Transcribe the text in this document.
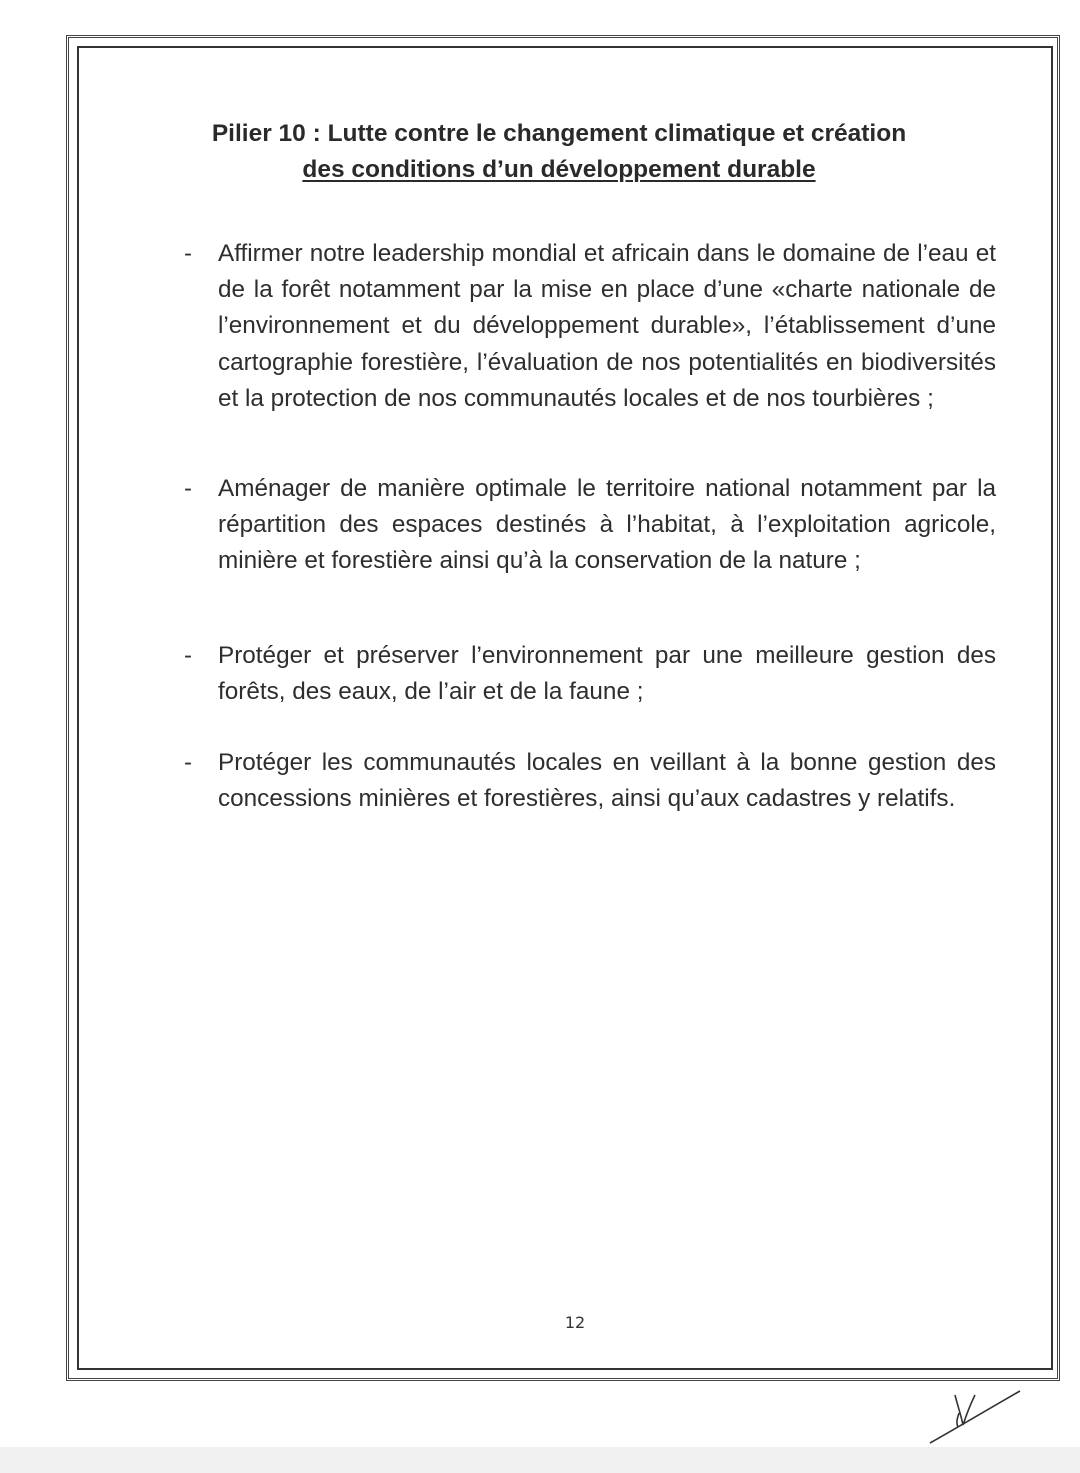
Pilier 10 : Lutte contre le changement climatique et création
des conditions d’un développement durable
- Affirmer notre leadership mondial et africain dans le domaine de l’eau et de la forêt notamment par la mise en place d’une «charte nationale de l’environnement et du développement durable», l’établissement d’une cartographie forestière, l’évaluation de nos potentialités en biodiversités et la protection de nos communautés locales et de nos tourbières ;
- Aménager de manière optimale le territoire national notamment par la répartition des espaces destinés à l’habitat, à l’exploitation agricole, minière et forestière ainsi qu’à la conservation de la nature ;
- Protéger et préserver l’environnement par une meilleure gestion des forêts, des eaux, de l’air et de la faune ;
- Protéger les communautés locales en veillant à la bonne gestion des concessions minières et forestières, ainsi qu’aux cadastres y relatifs.
12
